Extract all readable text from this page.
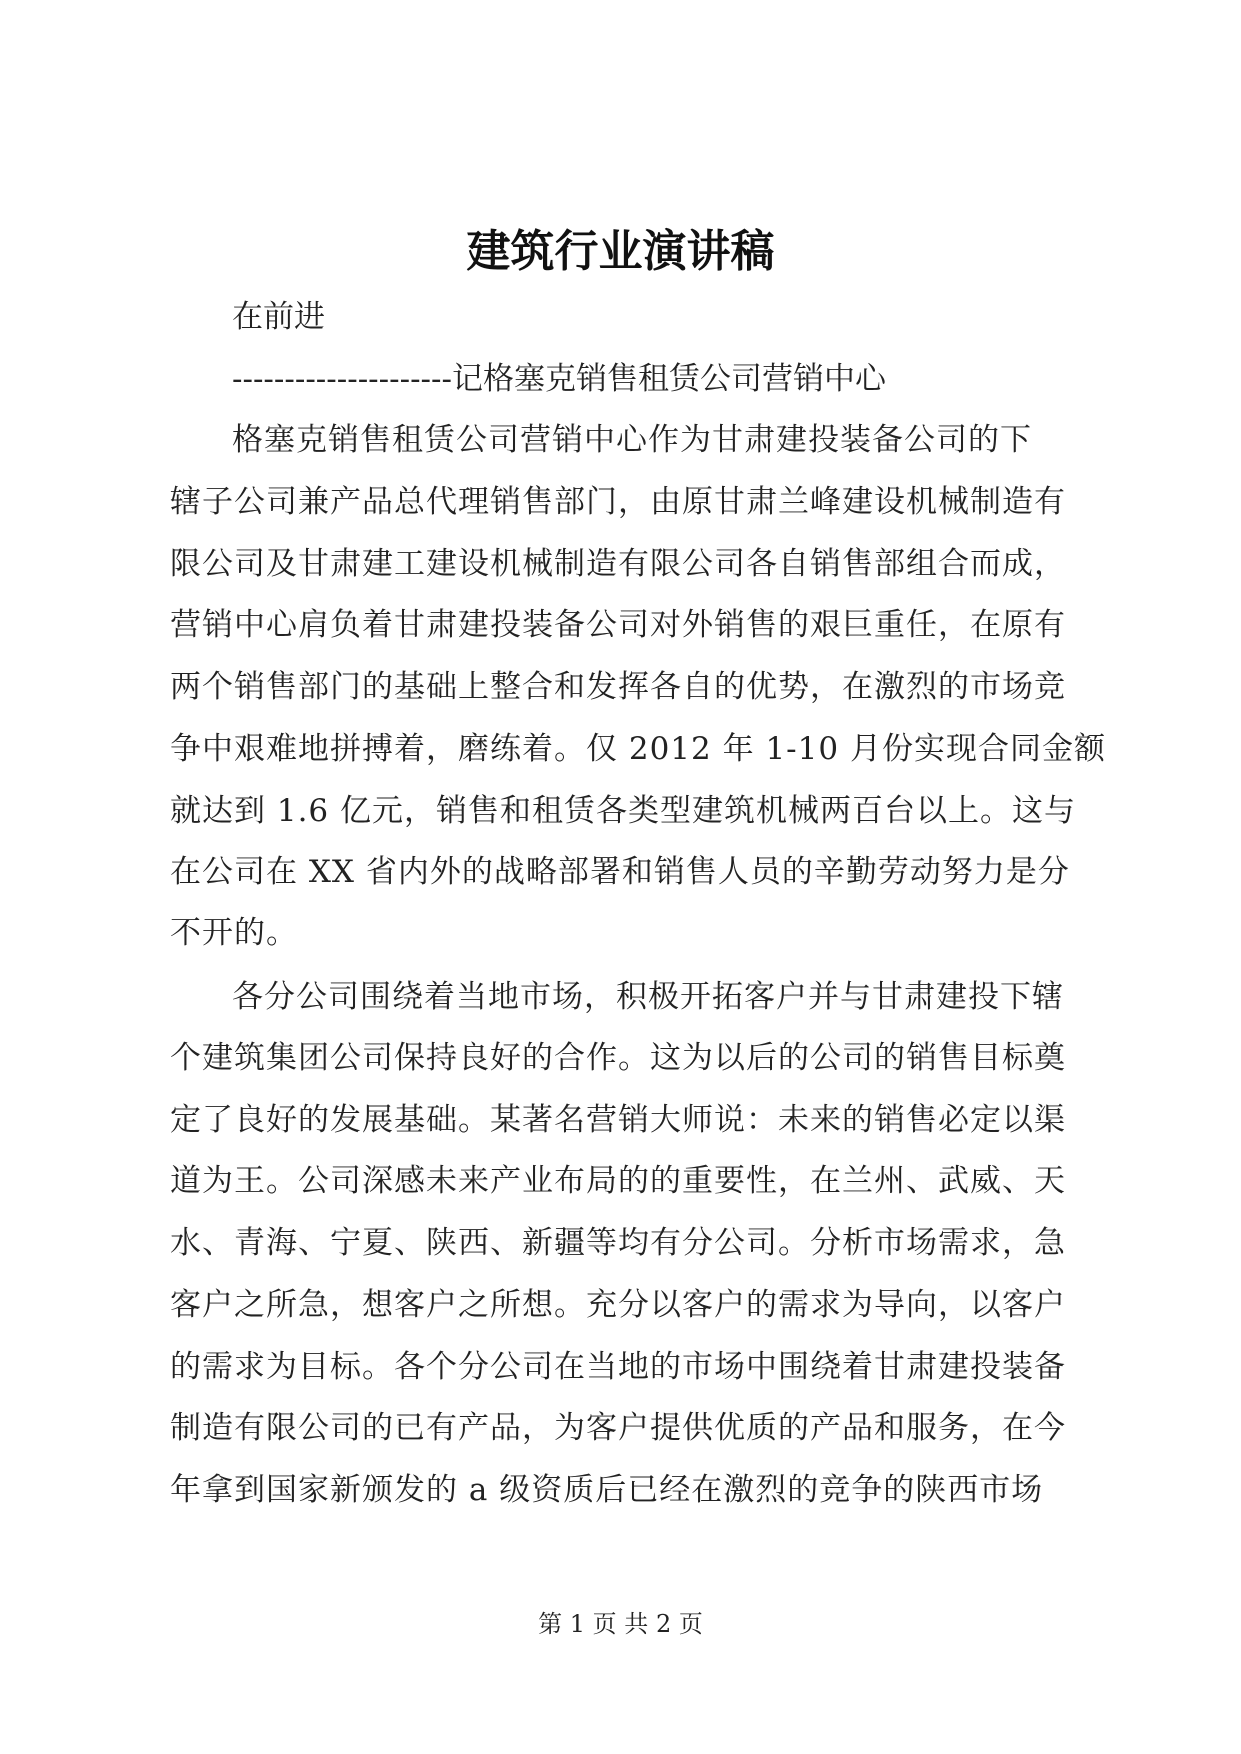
建筑行业演讲稿

在前进

---------------------记格塞克销售租赁公司营销中心

格塞克销售租赁公司营销中心作为甘肃建投装备公司的下

辖子公司兼产品总代理销售部门，由原甘肃兰峰建设机械制造有

限公司及甘肃建工建设机械制造有限公司各自销售部组合而成，

营销中心肩负着甘肃建投装备公司对外销售的艰巨重任，在原有

两个销售部门的基础上整合和发挥各自的优势，在激烈的市场竞

争中艰难地拼搏着，磨练着。仅 2012 年 1-10 月份实现合同金额

就达到 1.6 亿元，销售和租赁各类型建筑机械两百台以上。这与

在公司在 XX 省内外的战略部署和销售人员的辛勤劳动努力是分

不开的。

各分公司围绕着当地市场，积极开拓客户并与甘肃建投下辖

个建筑集团公司保持良好的合作。这为以后的公司的销售目标奠

定了良好的发展基础。某著名营销大师说：未来的销售必定以渠

道为王。公司深感未来产业布局的的重要性，在兰州、武威、天

水、青海、宁夏、陕西、新疆等均有分公司。分析市场需求，急

客户之所急，想客户之所想。充分以客户的需求为导向，以客户

的需求为目标。各个分公司在当地的市场中围绕着甘肃建投装备

制造有限公司的已有产品，为客户提供优质的产品和服务，在今

年拿到国家新颁发的 a 级资质后已经在激烈的竞争的陕西市场

第 1 页 共 2 页
